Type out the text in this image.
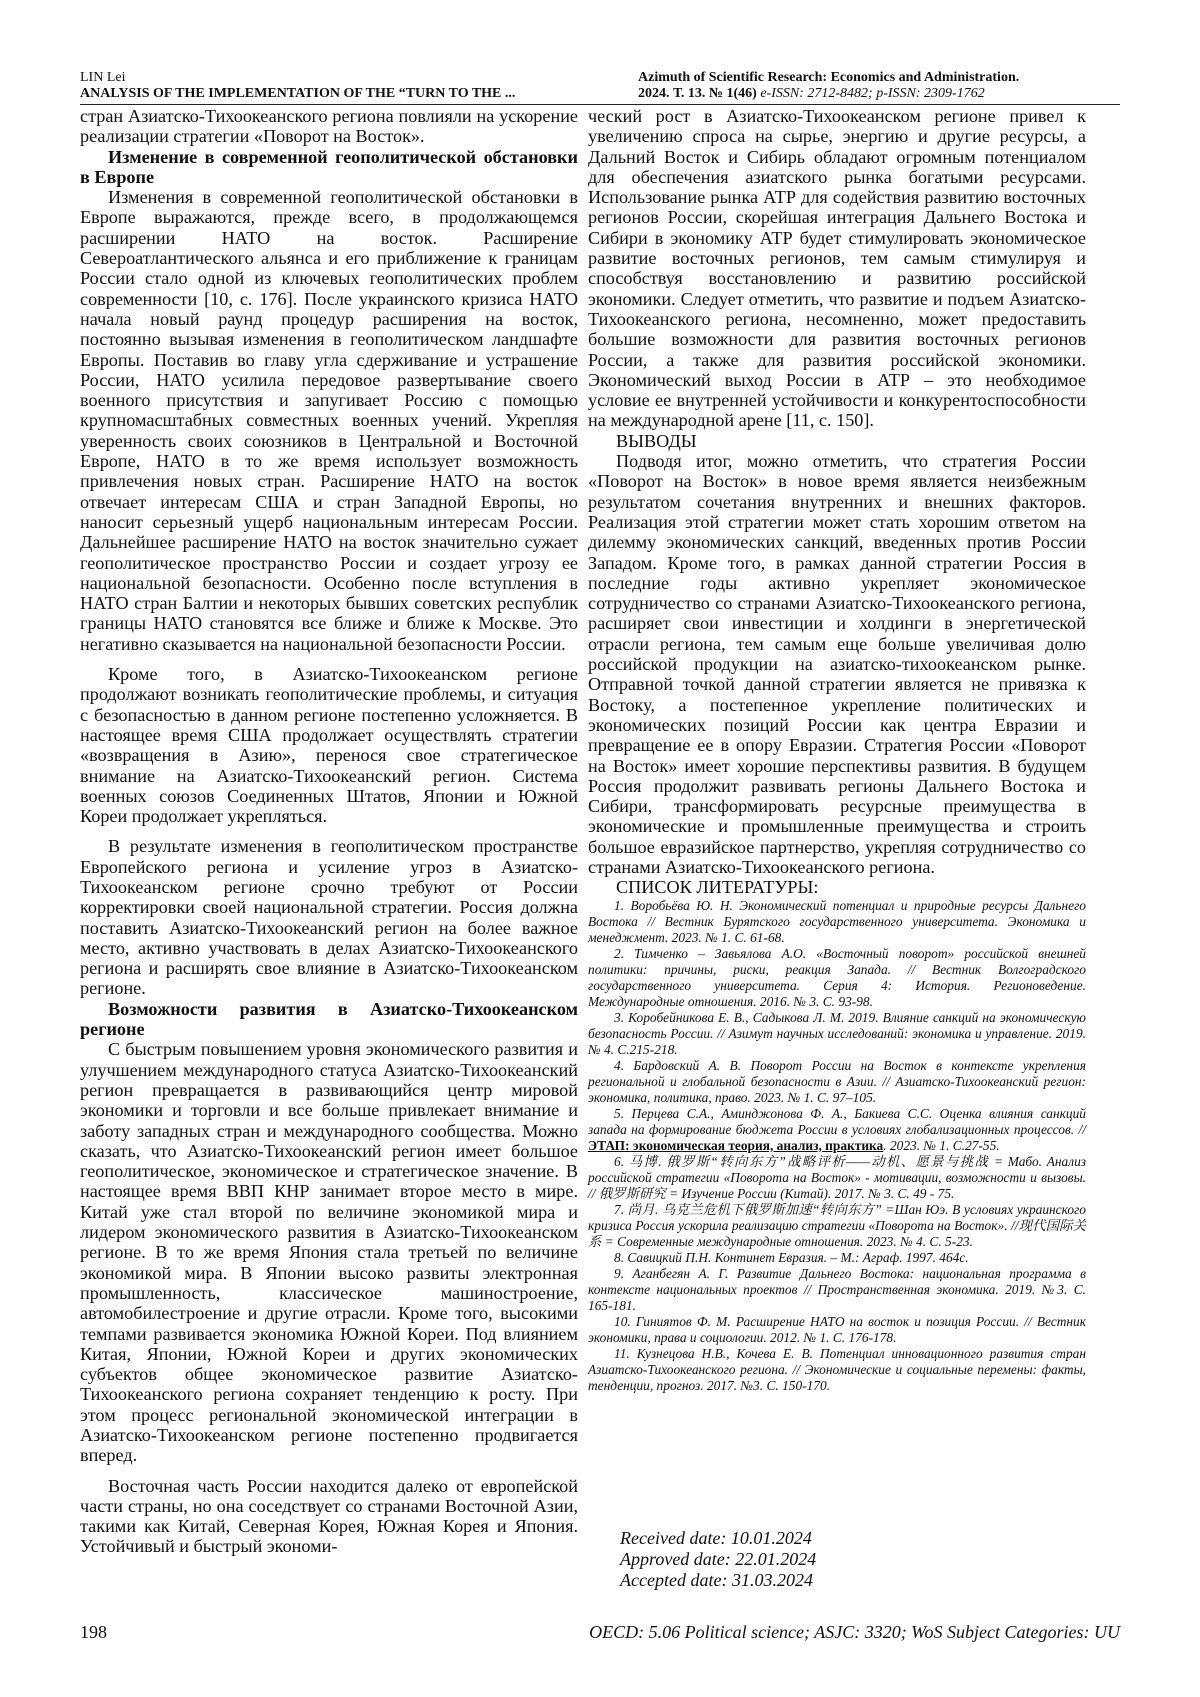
LIN Lei
ANALYSIS OF THE IMPLEMENTATION OF THE “TURN TO THE ...
Azimuth of Scientific Research: Economics and Administration.
2024. Т. 13. № 1(46) e-ISSN: 2712-8482; p-ISSN: 2309-1762

стран Азиатско-Тихоокеанского региона повлияли на ускорение реализации стратегии «Поворот на Восток».

Изменение в современной геополитической обстановки в Европе

Изменения в современной геополитической обстановки в Европе выражаются, прежде всего, в продолжающемся расширении НАТО на восток. Расширение Североатлантического альянса и его приближение к границам России стало одной из ключевых геополитических проблем современности [10, с. 176]. После украинского кризиса НАТО начала новый раунд процедур расширения на восток, постоянно вызывая изменения в геополитическом ландшафте Европы. Поставив во главу угла сдерживание и устрашение России, НАТО усилила передовое развертывание своего военного присутствия и запугивает Россию с помощью крупномасштабных совместных военных учений. Укрепляя уверенность своих союзников в Центральной и Восточной Европе, НАТО в то же время использует возможность привлечения новых стран. Расширение НАТО на восток отвечает интересам США и стран Западной Европы, но наносит серьезный ущерб национальным интересам России. Дальнейшее расширение НАТО на восток значительно сужает геополитическое пространство России и создает угрозу ее национальной безопасности. Особенно после вступления в НАТО стран Балтии и некоторых бывших советских республик границы НАТО становятся все ближе и ближе к Москве. Это негативно сказывается на национальной безопасности России.

Кроме того, в Азиатско-Тихоокеанском регионе продолжают возникать геополитические проблемы, и ситуация с безопасностью в данном регионе постепенно усложняется. В настоящее время США продолжает осуществлять стратегии «возвращения в Азию», перенося свое стратегическое внимание на Азиатско-Тихоокеанский регион. Система военных союзов Соединенных Штатов, Японии и Южной Кореи продолжает укрепляться.

В результате изменения в геополитическом пространстве Европейского региона и усиление угроз в Азиатско-Тихоокеанском регионе срочно требуют от России корректировки своей национальной стратегии. Россия должна поставить Азиатско-Тихоокеанский регион на более важное место, активно участвовать в делах Азиатско-Тихоокеанского региона и расширять свое влияние в Азиатско-Тихоокеанском регионе.

Возможности развития в Азиатско-Тихоокеанском регионе

С быстрым повышением уровня экономического развития и улучшением международного статуса Азиатско-Тихоокеанский регион превращается в развивающийся центр мировой экономики и торговли и все больше привлекает внимание и заботу западных стран и международного сообщества. Можно сказать, что Азиатско-Тихоокеанский регион имеет большое геополитическое, экономическое и стратегическое значение. В настоящее время ВВП КНР занимает второе место в мире. Китай уже стал второй по величине экономикой мира и лидером экономического развития в Азиатско-Тихоокеанском регионе. В то же время Япония стала третьей по величине экономикой мира. В Японии высоко развиты электронная промышленность, классическое машиностроение, автомобилестроение и другие отрасли. Кроме того, высокими темпами развивается экономика Южной Кореи. Под влиянием Китая, Японии, Южной Кореи и других экономических субъектов общее экономическое развитие Азиатско-Тихоокеанского региона сохраняет тенденцию к росту. При этом процесс региональной экономической интеграции в Азиатско-Тихоокеанском регионе постепенно продвигается вперед.

Восточная часть России находится далеко от европейской части страны, но она соседствует со странами Восточной Азии, такими как Китай, Северная Корея, Южная Корея и Япония. Устойчивый и быстрый экономи-

ческий рост в Азиатско-Тихоокеанском регионе привел к увеличению спроса на сырье, энергию и другие ресурсы, а Дальний Восток и Сибирь обладают огромным потенциалом для обеспечения азиатского рынка богатыми ресурсами. Использование рынка АТР для содействия развитию восточных регионов России, скорейшая интеграция Дальнего Востока и Сибири в экономику АТР будет стимулировать экономическое развитие восточных регионов, тем самым стимулируя и способствуя восстановлению и развитию российской экономики. Следует отметить, что развитие и подъем Азиатско-Тихоокеанского региона, несомненно, может предоставить большие возможности для развития восточных регионов России, а также для развития российской экономики. Экономический выход России в АТР – это необходимое условие ее внутренней устойчивости и конкурентоспособности на международной арене [11, с. 150].

ВЫВОДЫ

Подводя итог, можно отметить, что стратегия России «Поворот на Восток» в новое время является неизбежным результатом сочетания внутренних и внешних факторов. Реализация этой стратегии может стать хорошим ответом на дилемму экономических санкций, введенных против России Западом. Кроме того, в рамках данной стратегии Россия в последние годы активно укрепляет экономическое сотрудничество со странами Азиатско-Тихоокеанского региона, расширяет свои инвестиции и холдинги в энергетической отрасли региона, тем самым еще больше увеличивая долю российской продукции на азиатско-тихоокеанском рынке. Отправной точкой данной стратегии является не привязка к Востоку, а постепенное укрепление политических и экономических позиций России как центра Евразии и превращение ее в опору Евразии. Стратегия России «Поворот на Восток» имеет хорошие перспективы развития. В будущем Россия продолжит развивать регионы Дальнего Востока и Сибири, трансформировать ресурсные преимущества в экономические и промышленные преимущества и строить большое евразийское партнерство, укрепляя сотрудничество со странами Азиатско-Тихоокеанского региона.

СПИСОК ЛИТЕРАТУРЫ:
1. Воробьёва Ю. Н. Экономический потенциал и природные ресурсы Дальнего Востока // Вестник Бурятского государственного университета. Экономика и менеджмент. 2023. № 1. С. 61-68.
2. Тимченко – Завьялова А.О. «Восточный поворот» российской внешней политики: причины, риски, реакция Запада. // Вестник Волгоградского государственного университета. Серия 4: История. Регионоведение. Международные отношения. 2016. № 3. С. 93-98.
3. Коробейникова Е. В., Садыкова Л. М. 2019. Влияние санкций на экономическую безопасность России. // Азимут научных исследований: экономика и управление. 2019. № 4. С.215-218.
4. Бардовский А. В. Поворот России на Восток в контексте укрепления региональной и глобальной безопасности в Азии. // Азиатско-Тихоокеанский регион: экономика, политика, право. 2023. № 1. С. 97–105.
5. Перцева С.А., Аминджонова Ф. А., Бакиева С.С. Оценка влияния санкций запада на формирование бюджета России в условиях глобализационных процессов. // ЭТАП: экономическая теория, анализ, практика. 2023. № 1. С.27-55.
6. 马博. 俄罗斯“转向东方”战略评析——动机、愿景与挑战 = Мабо. Анализ российской стратегии «Поворота на Восток» - мотивации, возможности и вызовы. // 俄罗斯研究 = Изучение России (Китай). 2017. № 3. С. 49 - 75.
7. 尚月. 乌克兰危机下俄罗斯加速“转向东方” =Шан Юэ. В условиях украинского кризиса Россия ускорила реализацию стратегии «Поворота на Восток». //现代国际关系 = Современные международные отношения. 2023. № 4. С. 5-23.
8. Савицкий П.Н. Континет Евразия. – М.: Аграф. 1997. 464с.
9. Аганбегян А. Г. Развитие Дальнего Востока: национальная программа в контексте национальных проектов // Пространственная экономика. 2019. №3. С. 165-181.
10. Гиниятов Ф. М. Расширение НАТО на восток и позиция России. // Вестник экономики, права и социологии. 2012. № 1. С. 176-178.
11. Кузнецова Н.В., Кочева Е. В. Потенциал инновационного развития стран Азиатско-Тихоокеанского региона. // Экономические и социальные перемены: факты, тенденции, прогноз. 2017. №3. С. 150-170.
Received date: 10.01.2024
Approved date: 22.01.2024
Accepted date: 31.03.2024
198	OECD: 5.06 Political science; ASJC: 3320; WoS Subject Categories: UU
